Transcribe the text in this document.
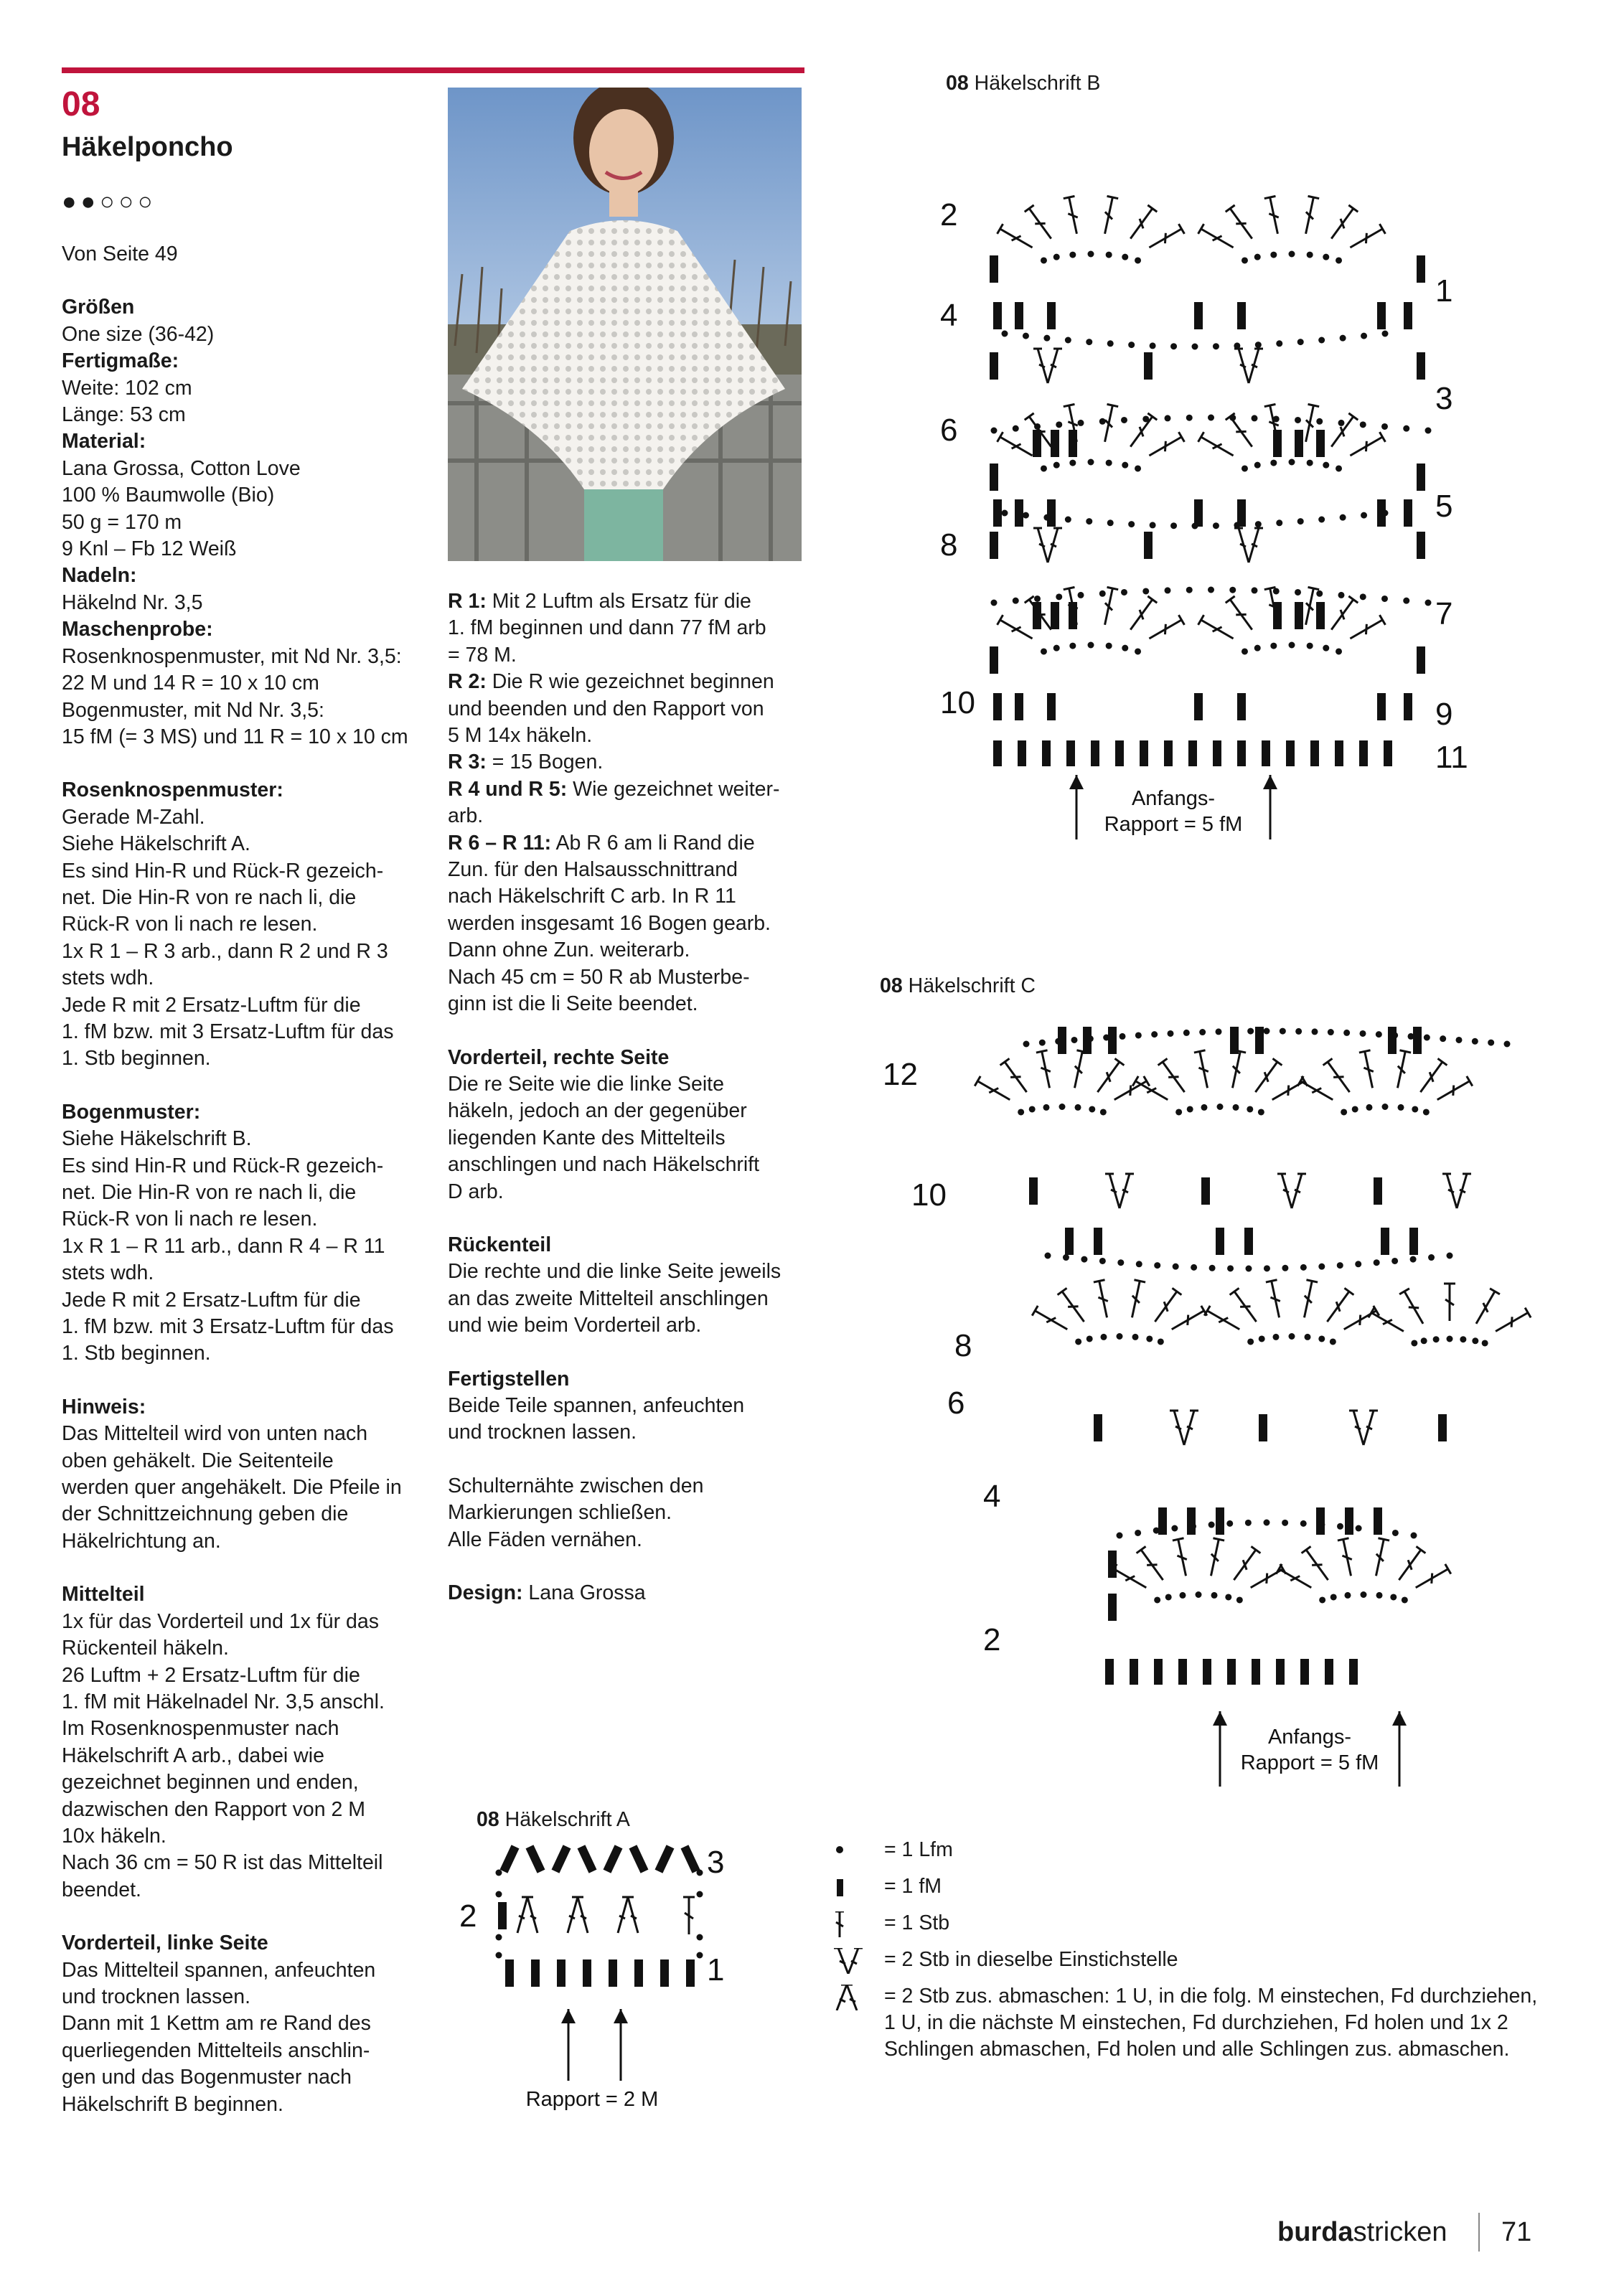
08
Häkelponcho
●●○○○

Von Seite 49

Größen

One size (36-42)

Fertigmaße:

Weite: 102 cm

Länge: 53 cm

Material:

Lana Grossa, Cotton Love

100 % Baumwolle (Bio)

50 g = 170 m

9 Knl – Fb 12 Weiß

Nadeln:

Häkelnd Nr. 3,5

Maschenprobe:

Rosenknospenmuster, mit Nd Nr. 3,5:

22 M und 14 R = 10 x 10 cm

Bogenmuster, mit Nd Nr. 3,5:

15 fM (= 3 MS) und 11 R = 10 x 10 cm

Rosenknospenmuster:

Gerade M-Zahl.

Siehe Häkelschrift A.

Es sind Hin-R und Rück-R gezeich-

net. Die Hin-R von re nach li, die

Rück-R von li nach re lesen.

1x R 1 – R 3 arb., dann R 2 und R 3

stets wdh.

Jede R mit 2 Ersatz-Luftm für die

1. fM bzw. mit 3 Ersatz-Luftm für das

1. Stb beginnen.

Bogenmuster:

Siehe Häkelschrift B.

Es sind Hin-R und Rück-R gezeich-

net. Die Hin-R von re nach li, die

Rück-R von li nach re lesen.

1x R 1 – R 11 arb., dann R 4 – R 11

stets wdh.

Jede R mit 2 Ersatz-Luftm für die

1. fM bzw. mit 3 Ersatz-Luftm für das

1. Stb beginnen.

Hinweis:

Das Mittelteil wird von unten nach

oben gehäkelt. Die Seitenteile

werden quer angehäkelt. Die Pfeile in

der Schnittzeichnung geben die

Häkelrichtung an.

Mittelteil

1x für das Vorderteil und 1x für das

Rückenteil häkeln.

26 Luftm + 2 Ersatz-Luftm für die

1. fM mit Häkelnadel Nr. 3,5 anschl.

Im Rosenknospenmuster nach

Häkelschrift A arb., dabei wie

gezeichnet beginnen und enden,

dazwischen den Rapport von 2 M

10x häkeln.

Nach 36 cm = 50 R ist das Mittelteil

beendet.

Vorderteil, linke Seite

Das Mittelteil spannen, anfeuchten

und trocknen lassen.

Dann mit 1 Kettm am re Rand des

querliegenden Mittelteils anschlin-

gen und das Bogenmuster nach

Häkelschrift B beginnen.

R 1: Mit 2 Luftm als Ersatz für die

1. fM beginnen und dann 77 fM arb

= 78 M.

R 2: Die R wie gezeichnet beginnen

und beenden und den Rapport von

5 M 14x häkeln.

R 3: = 15 Bogen.

R 4 und R 5: Wie gezeichnet weiter-

arb.

R 6 – R 11: Ab R 6 am li Rand die

Zun. für den Halsausschnittrand

nach Häkelschrift C arb. In R 11

werden insgesamt 16 Bogen gearb.

Dann ohne Zun. weiterarb.

Nach 45 cm = 50 R ab Musterbe-

ginn ist die li Seite beendet.

Vorderteil, rechte Seite

Die re Seite wie die linke Seite

häkeln, jedoch an der gegenüber

liegenden Kante des Mittelteils

anschlingen und nach Häkelschrift

D arb.

Rückenteil

Die rechte und die linke Seite jeweils

an das zweite Mittelteil anschlingen

und wie beim Vorderteil arb.

Fertigstellen

Beide Teile spannen, anfeuchten

und trocknen lassen.

Schulternähte zwischen den

Markierungen schließen.

Alle Fäden vernähen.

Design: Lana Grossa

08 Häkelschrift B
10
8
6
4
2
11
9
7
5
3
1
Anfangs-
Rapport = 5 fM
08 Häkelschrift C
12
10
8
6
4
2
Anfangs-
Rapport = 5 fM
08 Häkelschrift A
2
3
1
Rapport = 2 M
= 1 Lfm
= 1 fM
= 1 Stb
= 2 Stb in dieselbe Einstichstelle
= 2 Stb zus. abmaschen: 1 U, in die folg. M einstechen, Fd durchziehen,
1 U, in die nächste M einstechen, Fd durchziehen, Fd holen und 1x 2
Schlingen abmaschen, Fd holen und alle Schlingen zus. abmaschen.
burdastricken 71
